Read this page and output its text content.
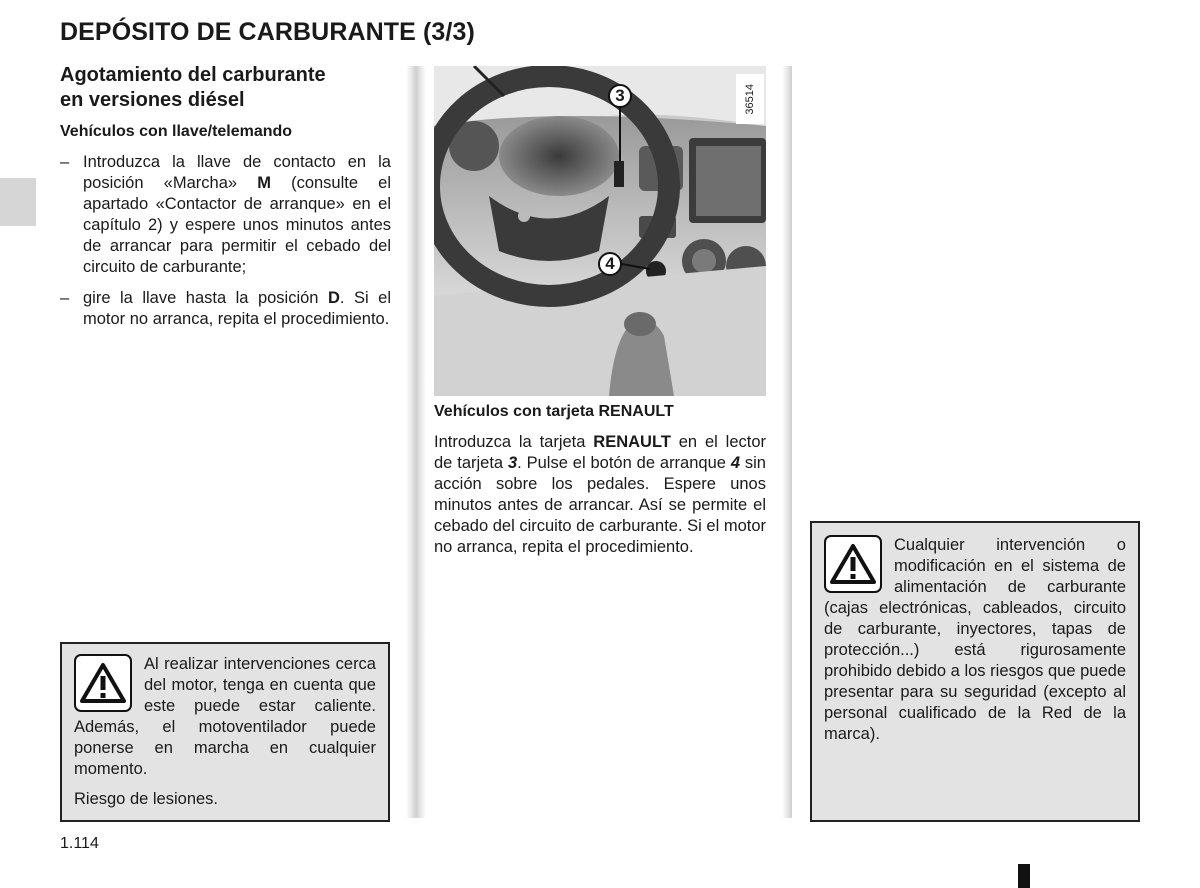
DEPÓSITO DE CARBURANTE (3/3)
Agotamiento del carburante
en versiones diésel
Vehículos con llave/telemando
– Introduzca la llave de contacto en la posición «Marcha» M (consulte el apartado «Contactor de arranque» en el capítulo 2) y espere unos minutos antes de arrancar para permitir el cebado del circuito de carburante;
– gire la llave hasta la posición D. Si el motor no arranca, repita el procedimiento.
Al realizar intervenciones cerca del motor, tenga en cuenta que este puede estar caliente. Además, el motoventilador puede ponerse en marcha en cualquier momento.
Riesgo de lesiones.
1.114
3
4
36514
Vehículos con tarjeta RENAULT
Introduzca la tarjeta RENAULT en el lector de tarjeta 3. Pulse el botón de arranque 4 sin acción sobre los pedales. Espere unos minutos antes de arrancar. Así se permite el cebado del circuito de carburante. Si el motor no arranca, repita el procedimiento.	Cualquier intervención o modificación en el sistema de alimentación de carburante (cajas electrónicas, cableados, circuito de carburante, inyectores, tapas de protección...) está rigurosamente prohibido debido a los riesgos que puede presentar para su seguridad (excepto al personal cualificado de la Red de la marca).
